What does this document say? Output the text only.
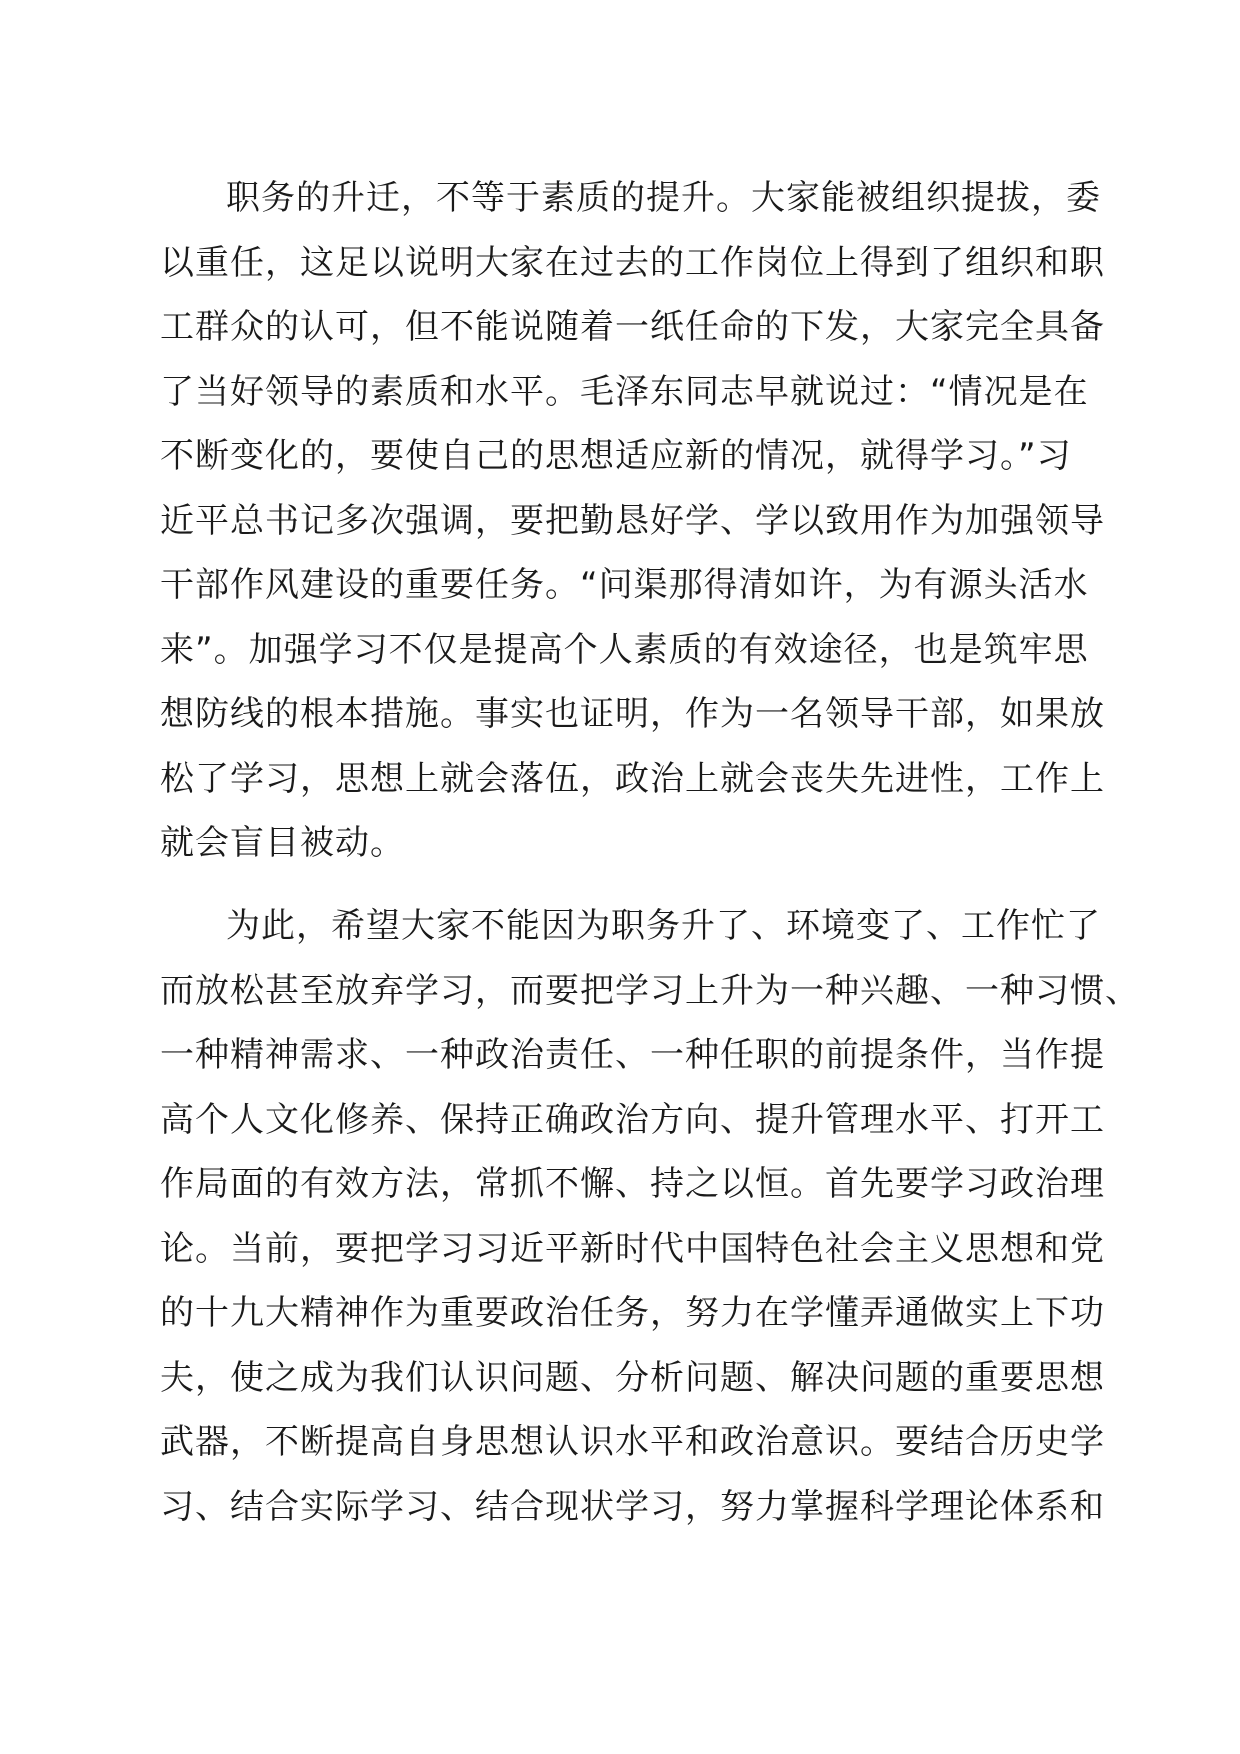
职务的升迁，不等于素质的提升。大家能被组织提拔，委
以重任，这足以说明大家在过去的工作岗位上得到了组织和职
工群众的认可，但不能说随着一纸任命的下发，大家完全具备
了当好领导的素质和水平。毛泽东同志早就说过：“情况是在
不断变化的，要使自己的思想适应新的情况，就得学习。”习
近平总书记多次强调，要把勤恳好学、学以致用作为加强领导
干部作风建设的重要任务。“问渠那得清如许，为有源头活水
来”。加强学习不仅是提高个人素质的有效途径，也是筑牢思
想防线的根本措施。事实也证明，作为一名领导干部，如果放
松了学习，思想上就会落伍，政治上就会丧失先进性，工作上
就会盲目被动。
为此，希望大家不能因为职务升了、环境变了、工作忙了
而放松甚至放弃学习，而要把学习上升为一种兴趣、一种习惯、
一种精神需求、一种政治责任、一种任职的前提条件，当作提
高个人文化修养、保持正确政治方向、提升管理水平、打开工
作局面的有效方法，常抓不懈、持之以恒。首先要学习政治理
论。当前，要把学习习近平新时代中国特色社会主义思想和党
的十九大精神作为重要政治任务，努力在学懂弄通做实上下功
夫，使之成为我们认识问题、分析问题、解决问题的重要思想
武器，不断提高自身思想认识水平和政治意识。要结合历史学
习、结合实际学习、结合现状学习，努力掌握科学理论体系和
